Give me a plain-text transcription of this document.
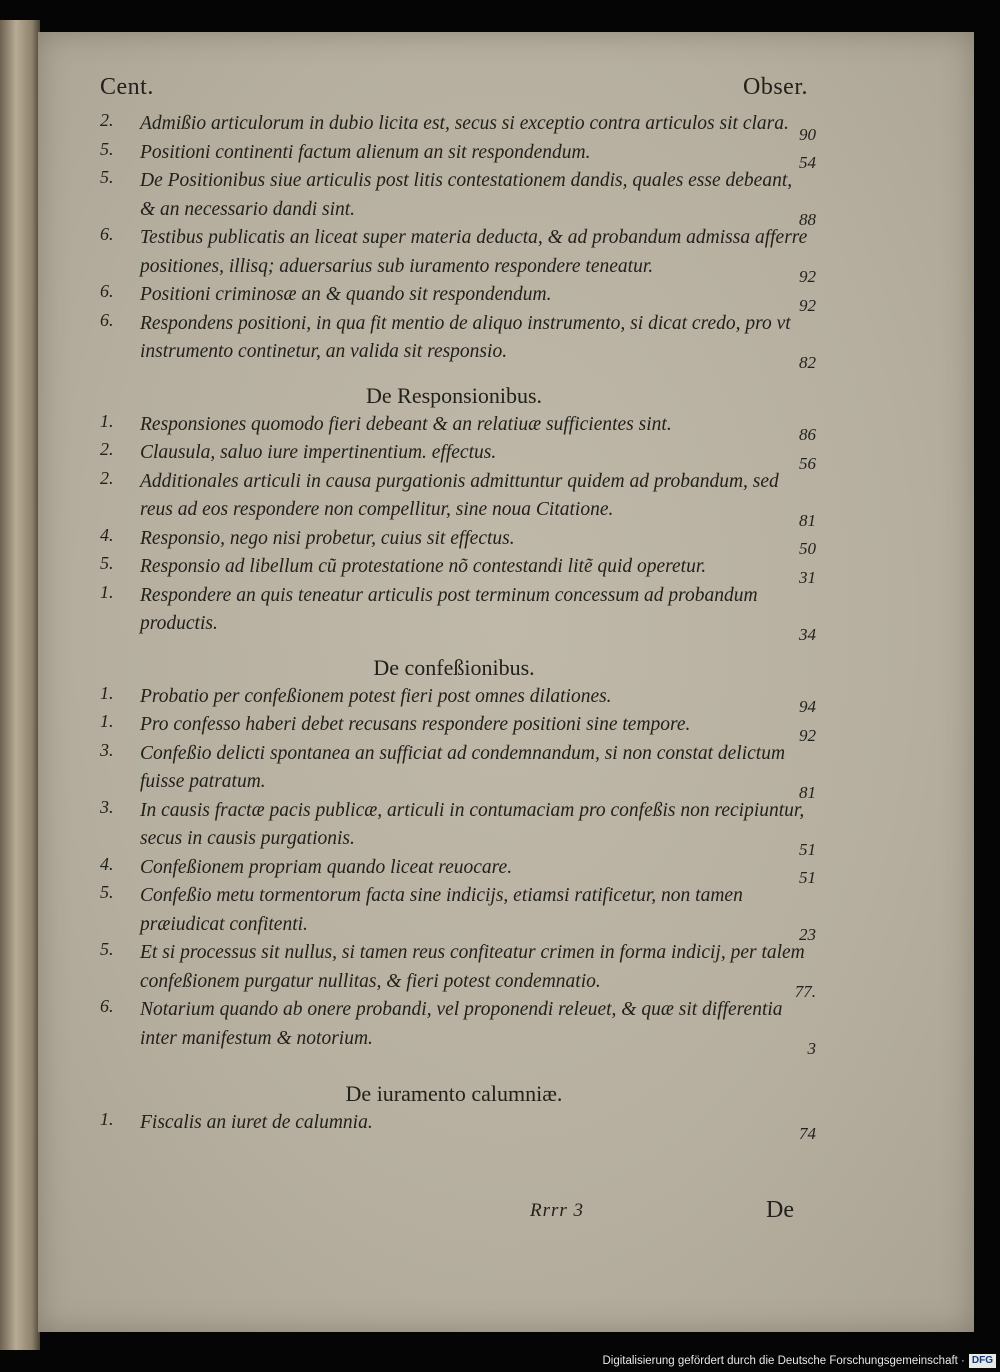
Cent.	Obser.
2. Admißio articulorum in dubio licita est, secus si exceptio contra articulos sit clara. 90
5. Positioni continenti factum alienum an sit respondendum.	54
5. De Positionibus siue articulis post litis contestationem dandis, quales esse debeant, & an necessario dandi sint.	88
6. Testibus publicatis an liceat super materia deducta, & ad probandum admissa afferre positiones, illisq; aduersarius sub iuramento respondere teneatur.	92
6. Positioni criminosæ an & quando sit respondendum.	92
6. Respondens positioni, in qua fit mentio de aliquo instrumento, si dicat credo, pro vt instrumento continetur, an valida sit responsio.	82
De Responsionibus.
1. Responsiones quomodo fieri debeant & an relatiuæ sufficientes sint.	86
2. Clausula, saluo iure impertinentium. effectus.	56
2. Additionales articuli in causa purgationis admittuntur quidem ad probandum, sed reus ad eos respondere non compellitur, sine noua Citatione.	81
4. Responsio, nego nisi probetur, cuius sit effectus.	50
5. Responsio ad libellum cũ protestatione nõ contestandi litẽ quid operetur.	31
1. Respondere an quis teneatur articulis post terminum concessum ad probandum productis.	34
De confeßionibus.
1. Probatio per confeßionem potest fieri post omnes dilationes.	94
1. Pro confesso haberi debet recusans respondere positioni sine tempore.	92
3. Confeßio delicti spontanea an sufficiat ad condemnandum, si non constat delictum fuisse patratum.	81
3. In causis fractæ pacis publicæ, articuli in contumaciam pro confeßis non recipiuntur, secus in causis purgationis.	51
4. Confeßionem propriam quando liceat reuocare.	51
5. Confeßio metu tormentorum facta sine indicijs, etiamsi ratificetur, non tamen præiudicat confitenti.	23
5. Et si processus sit nullus, si tamen reus confiteatur crimen in forma indicij, per talem confeßionem purgatur nullitas, & fieri potest condemnatio.	77.
6. Notarium quando ab onere probandi, vel proponendi releuet, & quæ sit differentia inter manifestum & notorium.	3
De iuramento calumniæ.
1. Fiscalis an iuret de calumnia.	74
Rrrr 3	De
Digitalisierung gefördert durch die Deutsche Forschungsgemeinschaft · DFG
